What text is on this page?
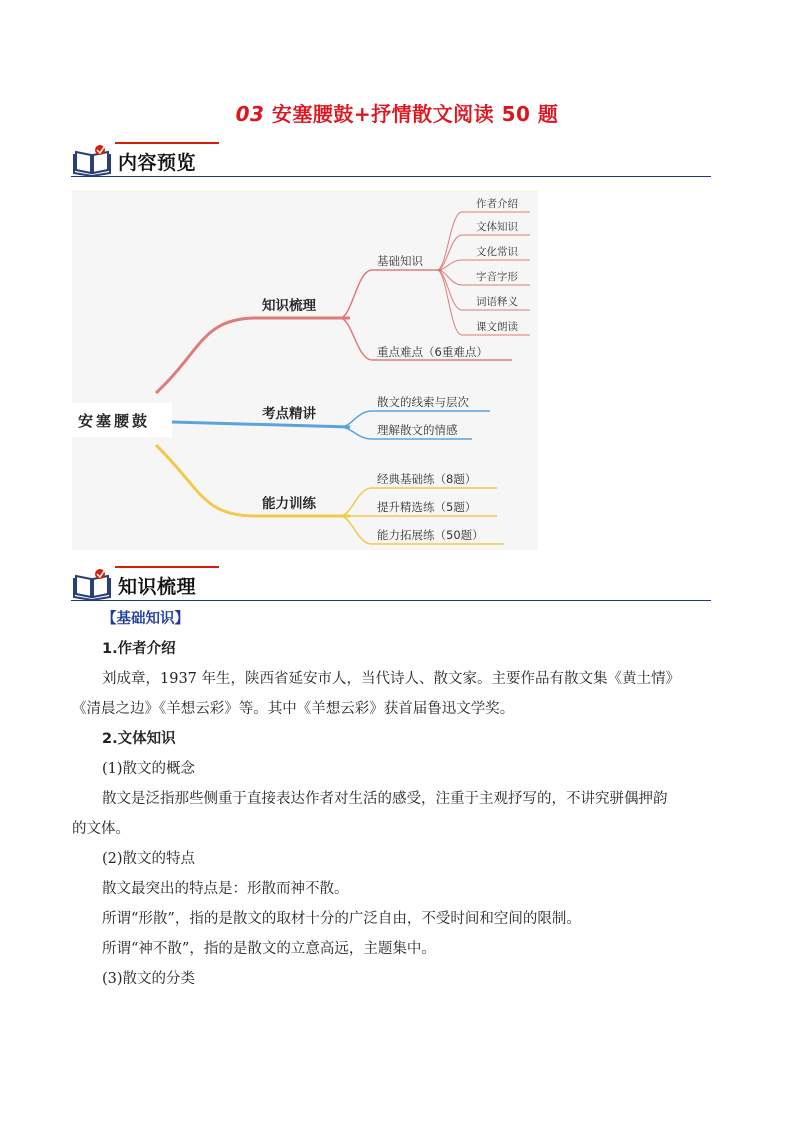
03 安塞腰鼓+抒情散文阅读 50 题
内容预览
安塞腰鼓
知识梳理
考点精讲
能力训练
基础知识
重点难点（6重难点）
散文的线索与层次
理解散文的情感
经典基础练（8题）
提升精选练（5题）
能力拓展练（50题）
作者介绍
文体知识
文化常识
字音字形
词语释义
课文朗读
知识梳理
【基础知识】
1.作者介绍
刘成章，1937 年生，陕西省延安市人，当代诗人、散文家。主要作品有散文集《黄土情》
《清晨之边》《羊想云彩》等。其中《羊想云彩》获首届鲁迅文学奖。
2.文体知识
(1)散文的概念
散文是泛指那些侧重于直接表达作者对生活的感受，注重于主观抒写的，不讲究骈偶押韵
的文体。
(2)散文的特点
散文最突出的特点是：形散而神不散。
所谓“形散”，指的是散文的取材十分的广泛自由，不受时间和空间的限制。
所谓“神不散”，指的是散文的立意高远，主题集中。
(3)散文的分类
